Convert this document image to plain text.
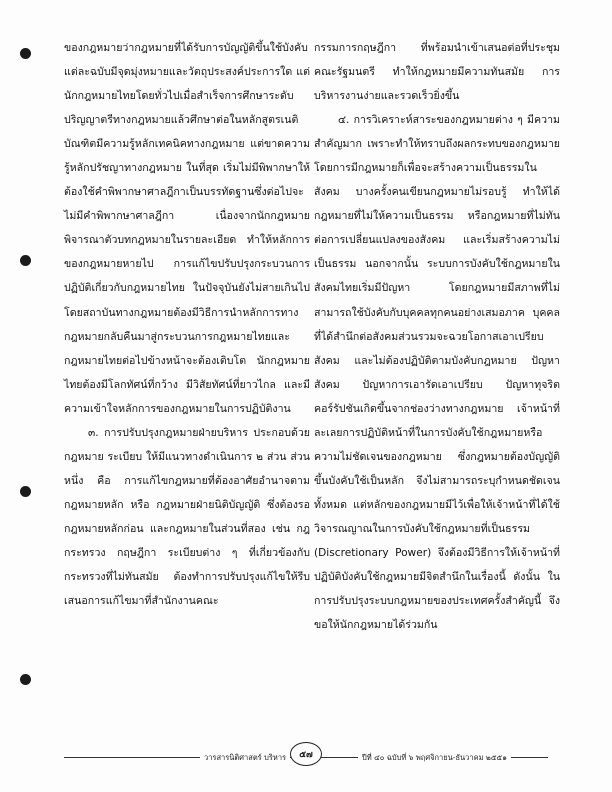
ของกฎหมายว่ากฎหมายที่ได้รับการบัญญัติขึ้นใช้บังคับแต่ละฉบับมีจุดมุ่งหมายและวัตถุประสงค์ประการใด แต่นักกฎหมายไทยโดยทั่วไปเมื่อสำเร็จการศึกษาระดับปริญญาตรีทางกฎหมายแล้วศึกษาต่อในหลักสูตรเนติบัณฑิตมีความรู้หลักเทคนิคทางกฎหมาย แต่ขาดความรู้หลักปรัชญาทางกฎหมาย ในที่สุด เริ่มไม่มีพิพากษาให้ต้องใช้คำพิพากษาศาลฎีกาเป็นบรรทัดฐานซึ่งต่อไปจะไม่มีคำพิพากษาศาลฎีกา เนื่องจากนักกฎหมายพิจารณาตัวบทกฎหมายในรายละเอียด ทำให้หลักการของกฎหมายหายไป การแก้ไขปรับปรุงกระบวนการปฏิบัติเกี่ยวกับกฎหมายไทย ในปัจจุบันยังไม่สายเกินไป โดยสถาบันทางกฎหมายต้องมีวิธีการนำหลักการทางกฎหมายกลับคืนมาสู่กระบวนการกฎหมายไทยและกฎหมายไทยต่อไปข้างหน้าจะต้องเติบโต นักกฎหมายไทยต้องมีโลกทัศน์ที่กว้าง มีวิสัยทัศน์ที่ยาวไกล และมีความเข้าใจหลักการของกฎหมายในการปฏิบัติงาน

๓. การปรับปรุงกฎหมายฝ่ายบริหาร ประกอบด้วย กฎหมาย ระเบียบ ให้มีแนวทางดำเนินการ ๒ ส่วน ส่วนหนึ่ง คือ การแก้ไขกฎหมายที่ต้องอาศัยอำนาจตามกฎหมายหลัก หรือ กฎหมายฝ่ายนิติบัญญัติ ซึ่งต้องรอกฎหมายหลักก่อน และกฎหมายในส่วนที่สอง เช่น กฎกระทรวง กฤษฎีกา ระเบียบต่าง ๆ ที่เกี่ยวข้องกับกระทรวงที่ไม่ทันสมัย ต้องทำการปรับปรุงแก้ไขให้รีบเสนอการแก้ไขมาที่สำนักงานคณะ

กรรมการกฤษฎีกา ที่พร้อมนำเข้าเสนอต่อที่ประชุมคณะรัฐมนตรี ทำให้กฎหมายมีความทันสมัย การบริหารงานง่ายและรวดเร็วยิ่งขึ้น

๔. การวิเคราะห์สาระของกฎหมายต่าง ๆ มีความสำคัญมาก เพราะทำให้ทราบถึงผลกระทบของกฎหมาย โดยการมีกฎหมายก็เพื่อจะสร้างความเป็นธรรมในสังคม บางครั้งคนเขียนกฎหมายไม่รอบรู้ ทำให้ได้กฎหมายที่ไม่ให้ความเป็นธรรม หรือกฎหมายที่ไม่ทันต่อการเปลี่ยนแปลงของสังคม และเริ่มสร้างความไม่เป็นธรรม นอกจากนั้น ระบบการบังคับใช้กฎหมายในสังคมไทยเริ่มมีปัญหา โดยกฎหมายมีสภาพที่ไม่สามารถใช้บังคับกับบุคคลทุกคนอย่างเสมอภาค บุคคลที่ได้สำนึกต่อสังคมส่วนรวมจะฉวยโอกาสเอาเปรียบสังคม และไม่ต้องปฏิบัติตามบังคับกฎหมาย ปัญหาสังคม ปัญหาการเอารัดเอาเปรียบ ปัญหาทุจริตคอร์รัปชันเกิดขึ้นจากช่องว่างทางกฎหมาย เจ้าหน้าที่ละเลยการปฏิบัติหน้าที่ในการบังคับใช้กฎหมายหรือความไม่ชัดเจนของกฎหมาย ซึ่งกฎหมายต้องบัญญัติขึ้นบังคับใช้เป็นหลัก จึงไม่สามารถระบุกำหนดชัดเจนทั้งหมด แต่หลักของกฎหมายมีไว้เพื่อให้เจ้าหน้าที่ได้ใช้วิจารณญาณในการบังคับใช้กฎหมายที่เป็นธรรม (Discretionary Power) จึงต้องมีวิธีการให้เจ้าหน้าที่ปฏิบัติบังคับใช้กฎหมายมีจิตสำนึกในเรื่องนี้ ดังนั้น ในการปรับปรุงระบบกฎหมายของประเทศครั้งสำคัญนี้ จึงขอให้นักกฎหมายได้ร่วมกัน

วารสารนิติศาสตร์ บริหาร	๕๗	ปีที่ ๔๐ ฉบับที่ ๖ พฤศจิกายน-ธันวาคม ๒๕๕๑
